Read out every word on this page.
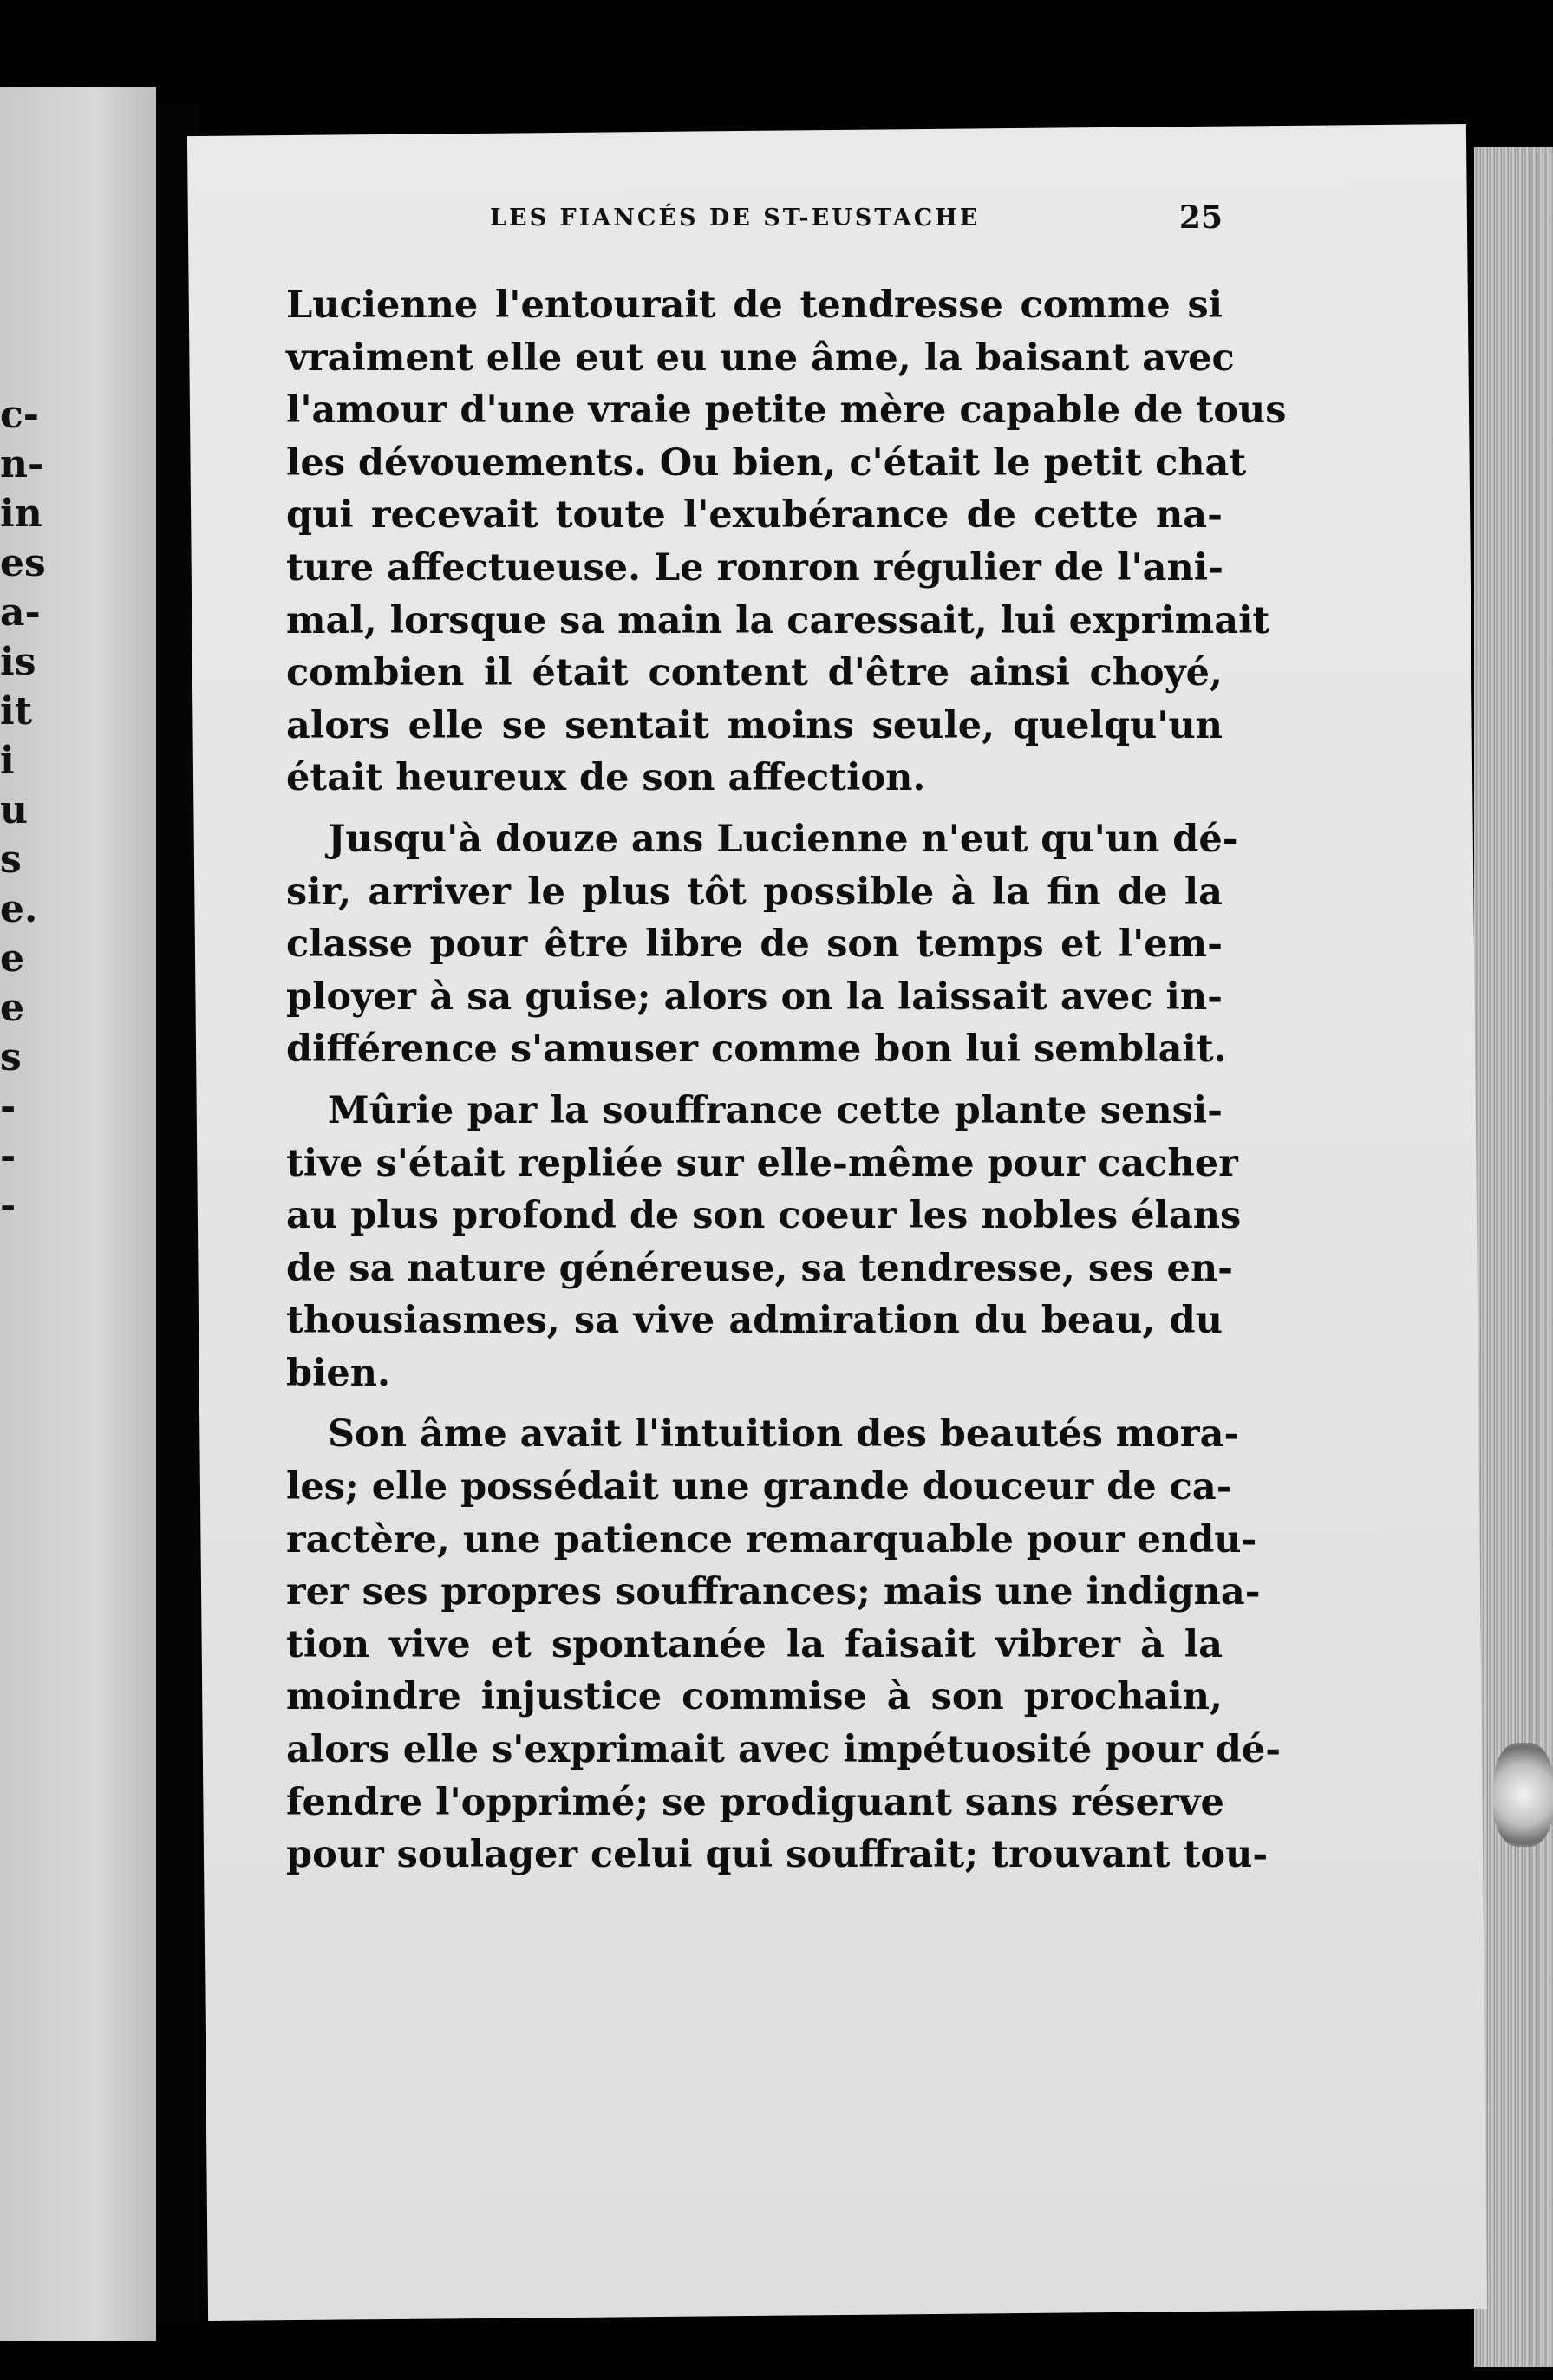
c-
n-
in
es
a-
is
it
i
u
s
e.
e
e
s
-
-
-
LES FIANCÉS DE ST-EUSTACHE	25
Lucienne l'entourait de tendresse comme si
vraiment elle eut eu une âme, la baisant avec
l'amour d'une vraie petite mère capable de tous
les dévouements. Ou bien, c'était le petit chat
qui recevait toute l'exubérance de cette na-
ture affectueuse. Le ronron régulier de l'ani-
mal, lorsque sa main la caressait, lui exprimait
combien il était content d'être ainsi choyé,
alors elle se sentait moins seule, quelqu'un
était heureux de son affection.
Jusqu'à douze ans Lucienne n'eut qu'un dé-
sir, arriver le plus tôt possible à la fin de la
classe pour être libre de son temps et l'em-
ployer à sa guise; alors on la laissait avec in-
différence s'amuser comme bon lui semblait.
Mûrie par la souffrance cette plante sensi-
tive s'était repliée sur elle-même pour cacher
au plus profond de son coeur les nobles élans
de sa nature généreuse, sa tendresse, ses en-
thousiasmes, sa vive admiration du beau, du
bien.
Son âme avait l'intuition des beautés mora-
les; elle possédait une grande douceur de ca-
ractère, une patience remarquable pour endu-
rer ses propres souffrances; mais une indigna-
tion vive et spontanée la faisait vibrer à la
moindre injustice commise à son prochain,
alors elle s'exprimait avec impétuosité pour dé-
fendre l'opprimé; se prodiguant sans réserve
pour soulager celui qui souffrait; trouvant tou-
